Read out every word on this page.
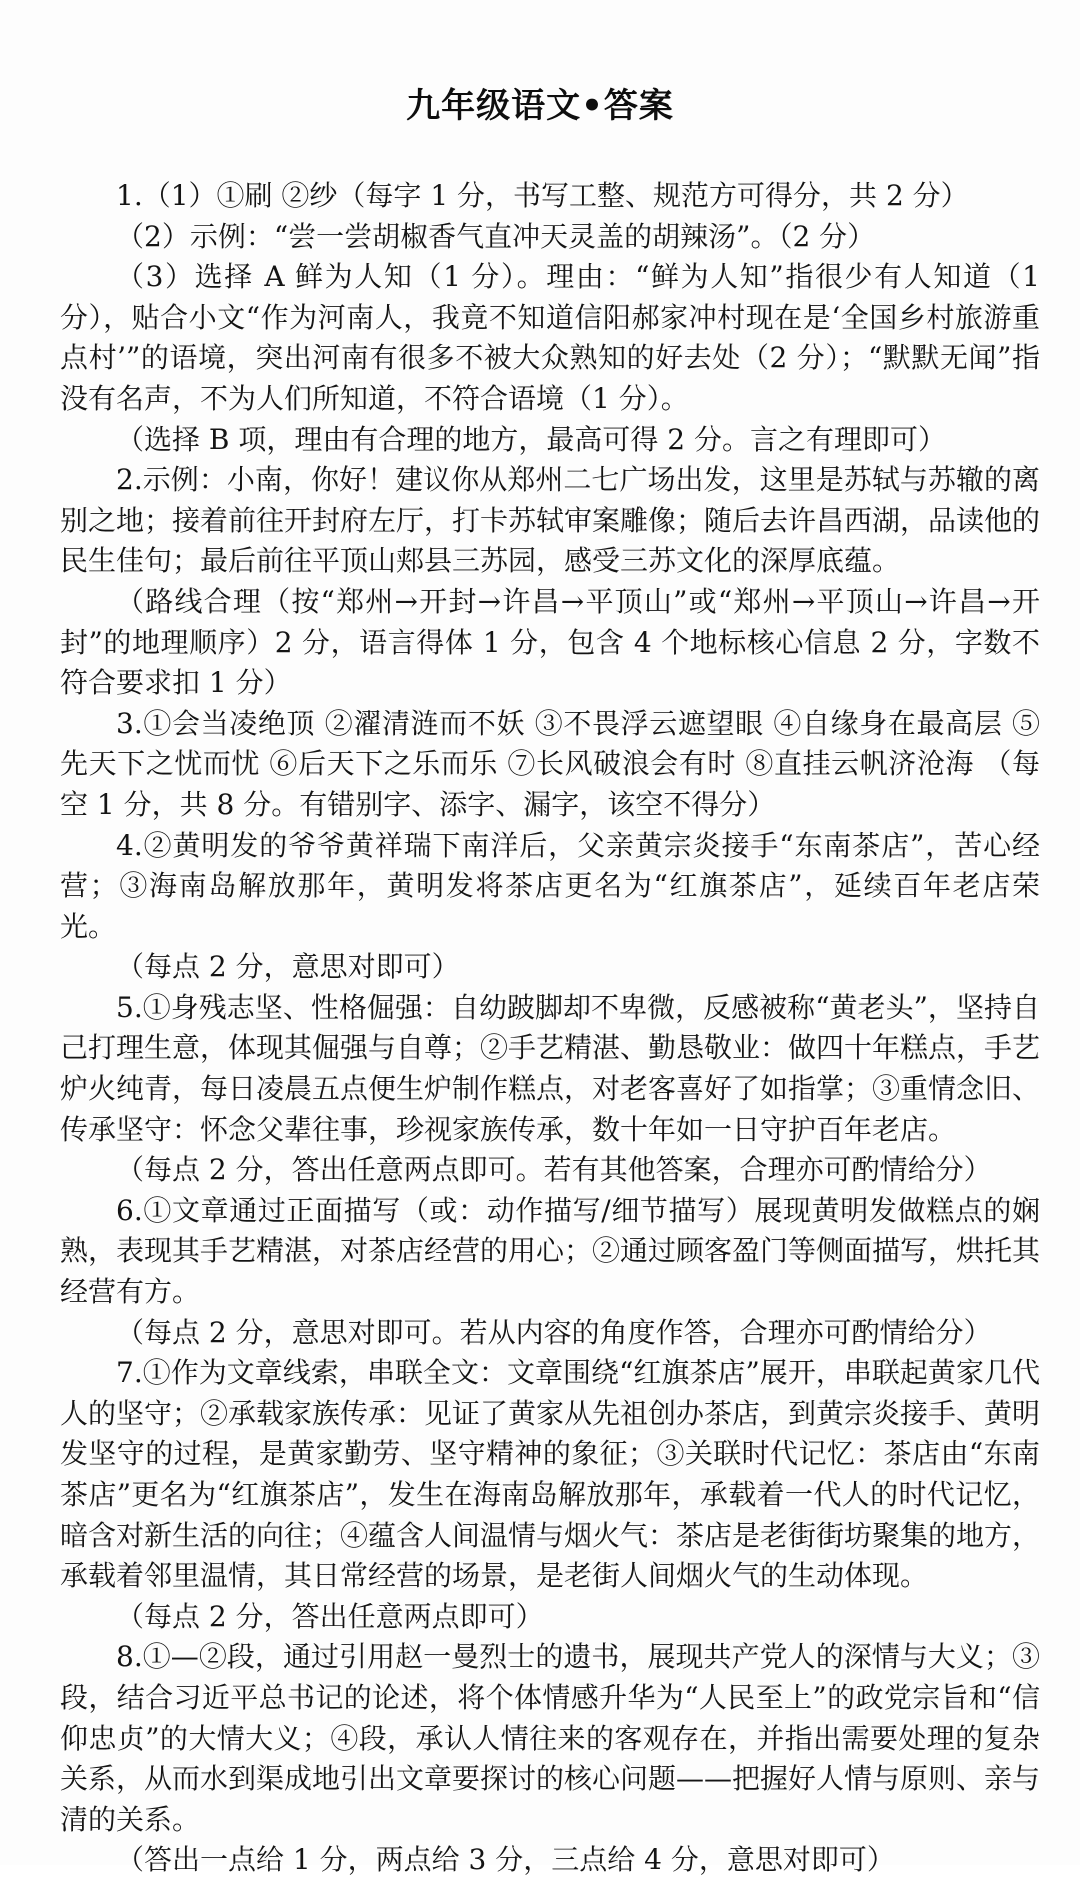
九年级语文•答案

1.（1）①刷 ②纱（每字 1 分，书写工整、规范方可得分，共 2 分）

（2）示例：“尝一尝胡椒香气直冲天灵盖的胡辣汤”。（2 分）

（3）选择 A 鲜为人知（1 分）。理由：“鲜为人知”指很少有人知道（1 分），贴合小文“作为河南人，我竟不知道信阳郝家冲村现在是‘全国乡村旅游重点村’”的语境，突出河南有很多不被大众熟知的好去处（2 分）；“默默无闻”指没有名声，不为人们所知道，不符合语境（1 分）。

（选择 B 项，理由有合理的地方，最高可得 2 分。言之有理即可）

2.示例：小南，你好！建议你从郑州二七广场出发，这里是苏轼与苏辙的离别之地；接着前往开封府左厅，打卡苏轼审案雕像；随后去许昌西湖，品读他的民生佳句；最后前往平顶山郏县三苏园，感受三苏文化的深厚底蕴。

（路线合理（按“郑州→开封→许昌→平顶山”或“郑州→平顶山→许昌→开封”的地理顺序）2 分，语言得体 1 分，包含 4 个地标核心信息 2 分，字数不符合要求扣 1 分）

3.①会当凌绝顶 ②濯清涟而不妖 ③不畏浮云遮望眼 ④自缘身在最高层 ⑤先天下之忧而忧 ⑥后天下之乐而乐 ⑦长风破浪会有时 ⑧直挂云帆济沧海 （每空 1 分，共 8 分。有错别字、添字、漏字，该空不得分）

4.②黄明发的爷爷黄祥瑞下南洋后，父亲黄宗炎接手“东南茶店”，苦心经营；③海南岛解放那年，黄明发将茶店更名为“红旗茶店”，延续百年老店荣光。

（每点 2 分，意思对即可）

5.①身残志坚、性格倔强：自幼跛脚却不卑微，反感被称“黄老头”，坚持自己打理生意，体现其倔强与自尊；②手艺精湛、勤恳敬业：做四十年糕点，手艺炉火纯青，每日凌晨五点便生炉制作糕点，对老客喜好了如指掌；③重情念旧、传承坚守：怀念父辈往事，珍视家族传承，数十年如一日守护百年老店。

（每点 2 分，答出任意两点即可。若有其他答案，合理亦可酌情给分）

6.①文章通过正面描写（或：动作描写/细节描写）展现黄明发做糕点的娴熟，表现其手艺精湛，对茶店经营的用心；②通过顾客盈门等侧面描写，烘托其经营有方。

（每点 2 分，意思对即可。若从内容的角度作答，合理亦可酌情给分）

7.①作为文章线索，串联全文：文章围绕“红旗茶店”展开，串联起黄家几代人的坚守；②承载家族传承：见证了黄家从先祖创办茶店，到黄宗炎接手、黄明发坚守的过程，是黄家勤劳、坚守精神的象征；③关联时代记忆：茶店由“东南茶店”更名为“红旗茶店”，发生在海南岛解放那年，承载着一代人的时代记忆，暗含对新生活的向往；④蕴含人间温情与烟火气：茶店是老街街坊聚集的地方，承载着邻里温情，其日常经营的场景，是老街人间烟火气的生动体现。

（每点 2 分，答出任意两点即可）

8.①—②段，通过引用赵一曼烈士的遗书，展现共产党人的深情与大义；③段，结合习近平总书记的论述，将个体情感升华为“人民至上”的政党宗旨和“信仰忠贞”的大情大义；④段，承认人情往来的客观存在，并指出需要处理的复杂关系，从而水到渠成地引出文章要探讨的核心问题——把握好人情与原则、亲与清的关系。

（答出一点给 1 分，两点给 3 分，三点给 4 分，意思对即可）
